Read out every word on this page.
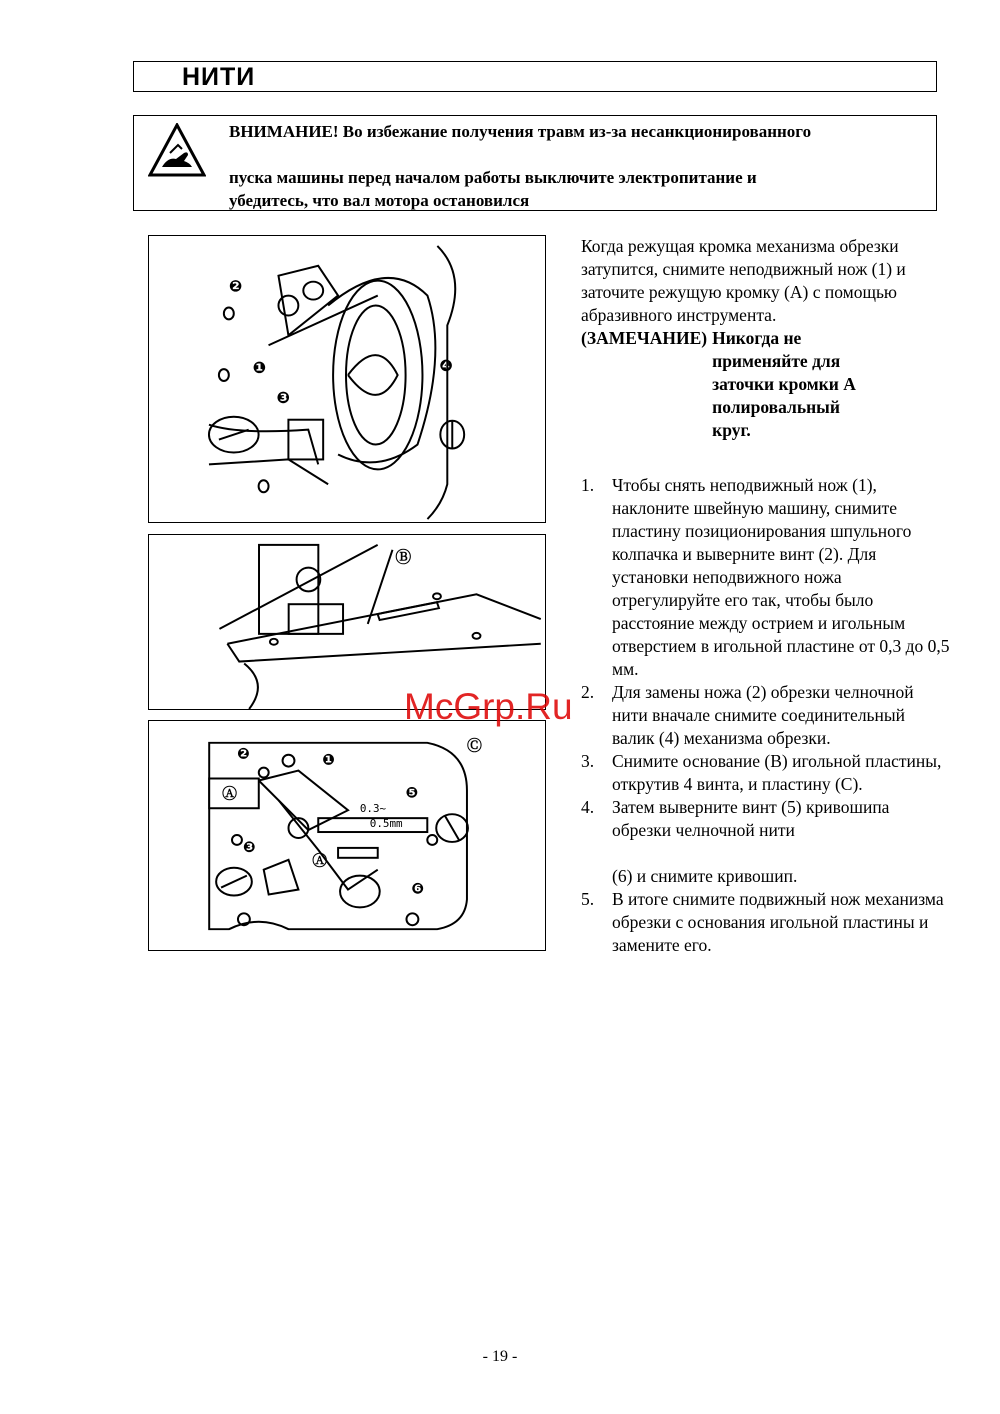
НИТИ
ВНИМАНИЕ! Во избежание получения травм из-за несанкционированного
пуска машины перед началом работы выключите электропитание и
убедитесь, что вал мотора остановился
❷
❶
❸
❹
Ⓑ
❷	❶
Ⓒ
Ⓐ	❺
❸
Ⓐ
❻
0.3~
0.5mm

Когда режущая кромка механизма обрезки затупится, снимите неподвижный нож (1) и заточите режущую кромку (А) с помощью абразивного инструмента.

(ЗАМЕЧАНИЕ) Никогда не применяйте для заточки кромки А полировальный круг.
1. Чтобы снять неподвижный нож (1), наклоните швейную машину, снимите пластину позиционирования шпульного колпачка и выверните винт (2). Для установки неподвижного ножа отрегулируйте его так, чтобы было расстояние между острием и игольным отверстием в игольной пластине от 0,3 до 0,5 мм.
2. Для замены ножа (2) обрезки челночной нити вначале снимите соединительный валик (4) механизма обрезки.
3. Снимите основание (В) игольной пластины, открутив 4 винта, и пластину (С).
4. Затем выверните винт (5) кривошипа обрезки челночной нити
(6) и снимите кривошип.
5. В итоге снимите подвижный нож механизма обрезки с основания игольной пластины и замените его.
McGrp.Ru
- 19 -
